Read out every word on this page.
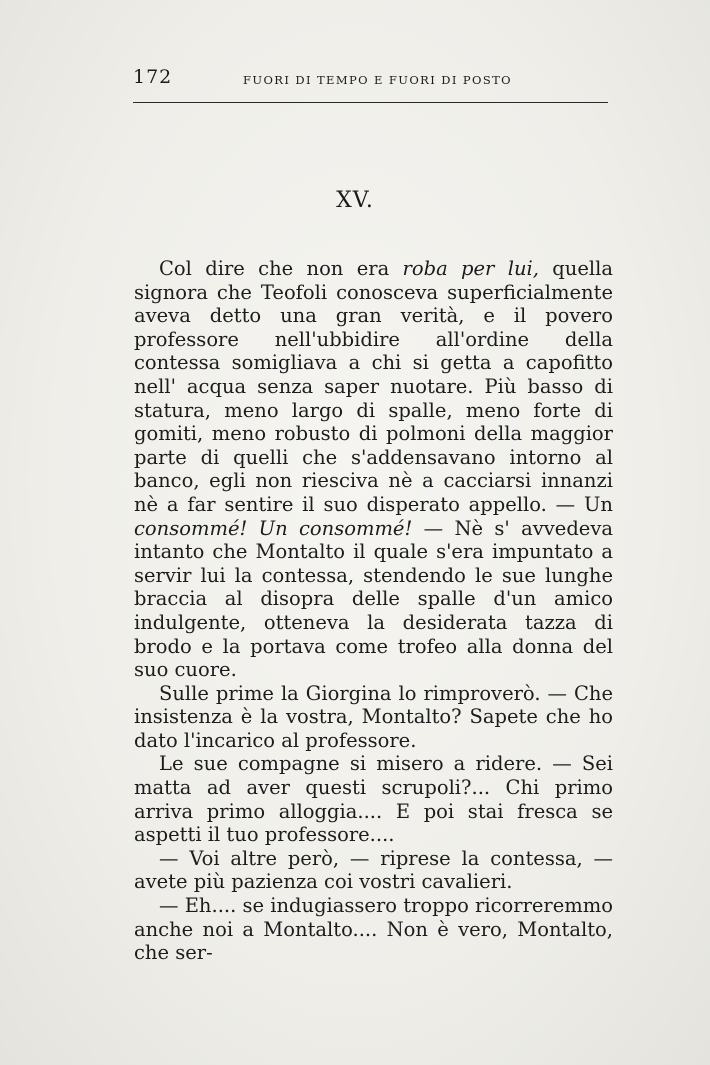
172	FUORI DI TEMPO E FUORI DI POSTO
XV.

Col dire che non era roba per lui, quella signora che Teofoli conosceva superficialmente aveva detto una gran verità, e il povero professore nell'ubbidire all'ordine della contessa somigliava a chi si getta a capofitto nell' acqua senza saper nuotare. Più basso di statura, meno largo di spalle, meno forte di gomiti, meno robusto di polmoni della maggior parte di quelli che s'addensavano intorno al banco, egli non riesciva nè a cacciarsi innanzi nè a far sentire il suo disperato appello. — Un consommé! Un consommé! — Nè s' avvedeva intanto che Montalto il quale s'era impuntato a servir lui la contessa, stendendo le sue lunghe braccia al disopra delle spalle d'un amico indulgente, otteneva la desiderata tazza di brodo e la portava come trofeo alla donna del suo cuore.

Sulle prime la Giorgina lo rimproverò. — Che insistenza è la vostra, Montalto? Sapete che ho dato l'incarico al professore.

Le sue compagne si misero a ridere. — Sei matta ad aver questi scrupoli?... Chi primo arriva primo alloggia.... E poi stai fresca se aspetti il tuo professore....

— Voi altre però, — riprese la contessa, — avete più pazienza coi vostri cavalieri.

— Eh.... se indugiassero troppo ricorreremmo anche noi a Montalto.... Non è vero, Montalto, che ser-
